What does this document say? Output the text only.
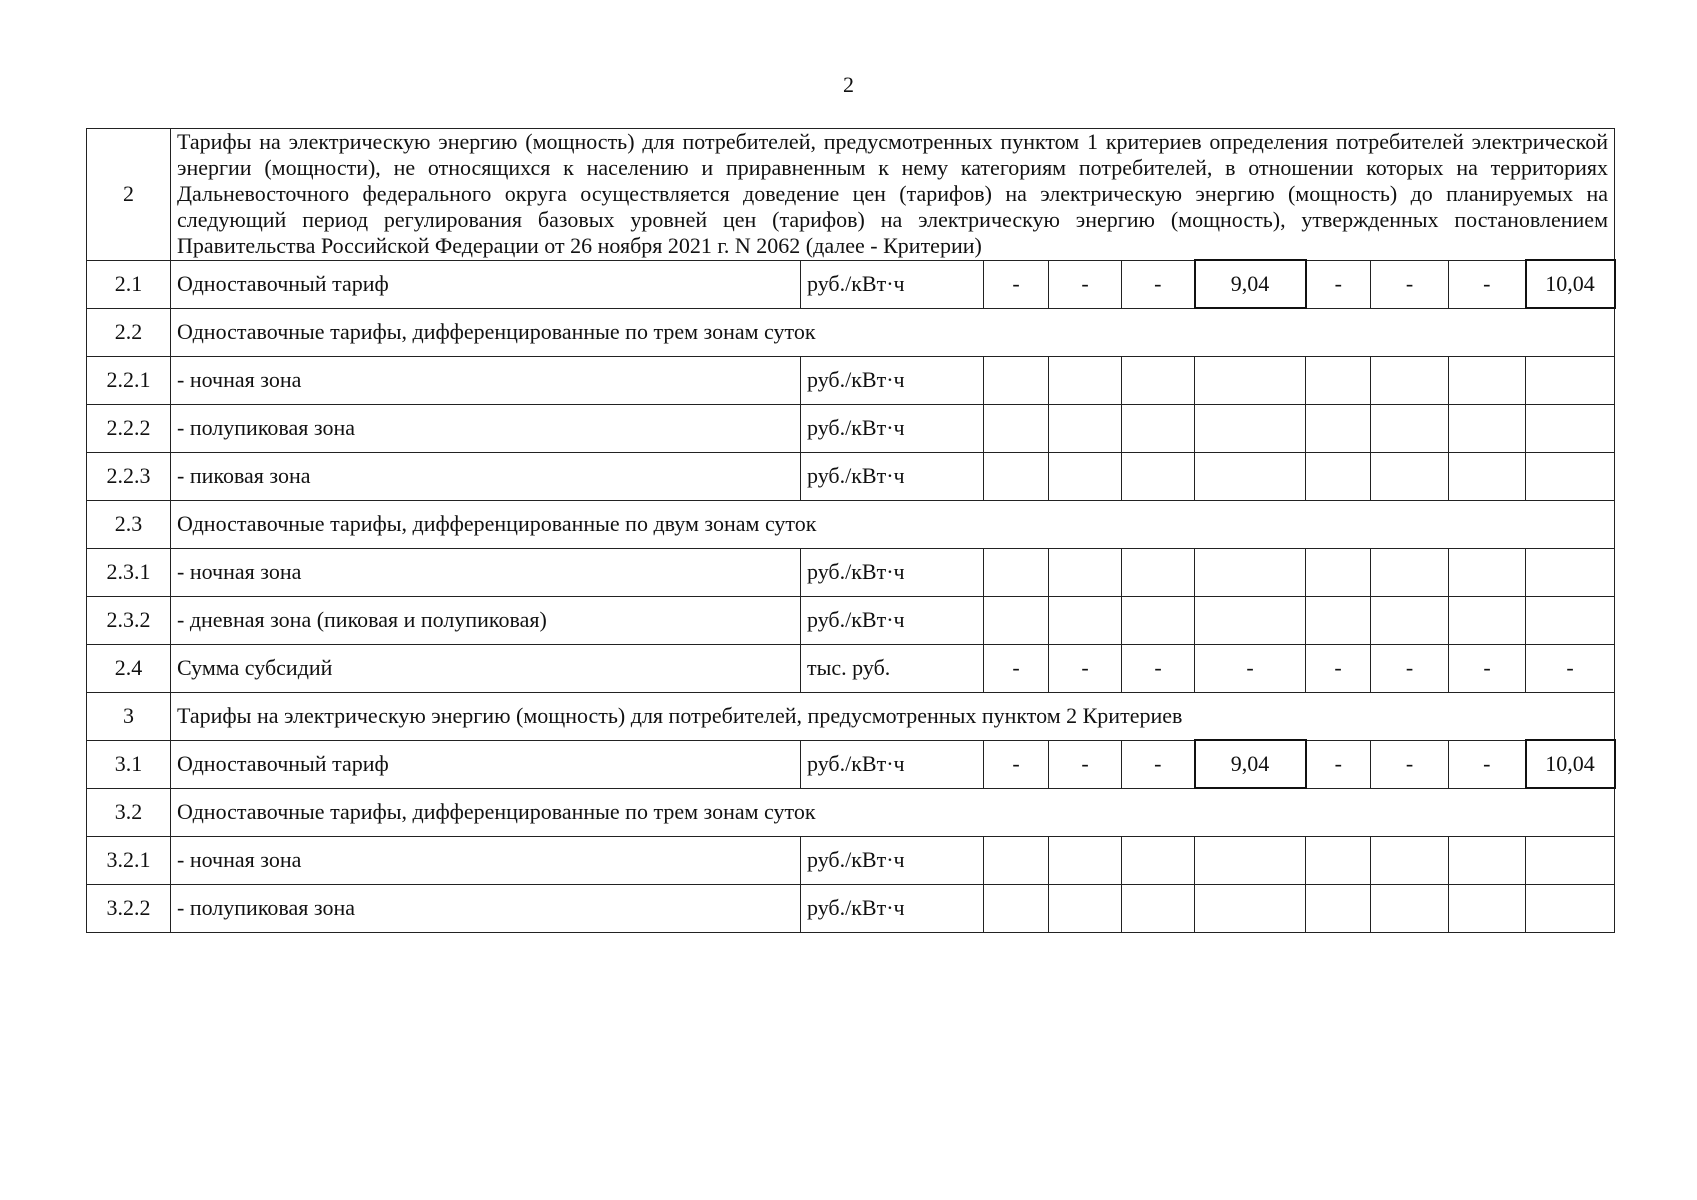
2
2	Тарифы на электрическую энергию (мощность) для потребителей, предусмотренных пунктом 1 критериев определения потребителей электрической энергии (мощности), не относящихся к населению и приравненным к нему категориям потребителей, в отношении которых на территориях Дальневосточного федерального округа осуществляется доведение цен (тарифов) на электрическую энергию (мощность) до планируемых на следующий период регулирования базовых уровней цен (тарифов) на электрическую энергию (мощность), утвержденных постановлением Правительства Российской Федерации от 26 ноября 2021 г. N 2062 (далее - Критерии)									
2.1	Одноставочный тариф	руб./кВт·ч	-	-	-	9,04	-	-	-	10,04
2.2	Одноставочные тарифы, дифференцированные по трем зонам суток									
2.2.1	- ночная зона	руб./кВт·ч								
2.2.2	- полупиковая зона	руб./кВт·ч								
2.2.3	- пиковая зона	руб./кВт·ч								
2.3	Одноставочные тарифы, дифференцированные по двум зонам суток									
2.3.1	- ночная зона	руб./кВт·ч								
2.3.2	- дневная зона (пиковая и полупиковая)	руб./кВт·ч								
2.4	Сумма субсидий	тыс. руб.	-	-	-	-	-	-	-	-
3	Тарифы на электрическую энергию (мощность) для потребителей, предусмотренных пунктом 2 Критериев									
3.1	Одноставочный тариф	руб./кВт·ч	-	-	-	9,04	-	-	-	10,04
3.2	Одноставочные тарифы, дифференцированные по трем зонам суток									
3.2.1	- ночная зона	руб./кВт·ч								
3.2.2	- полупиковая зона	руб./кВт·ч								
